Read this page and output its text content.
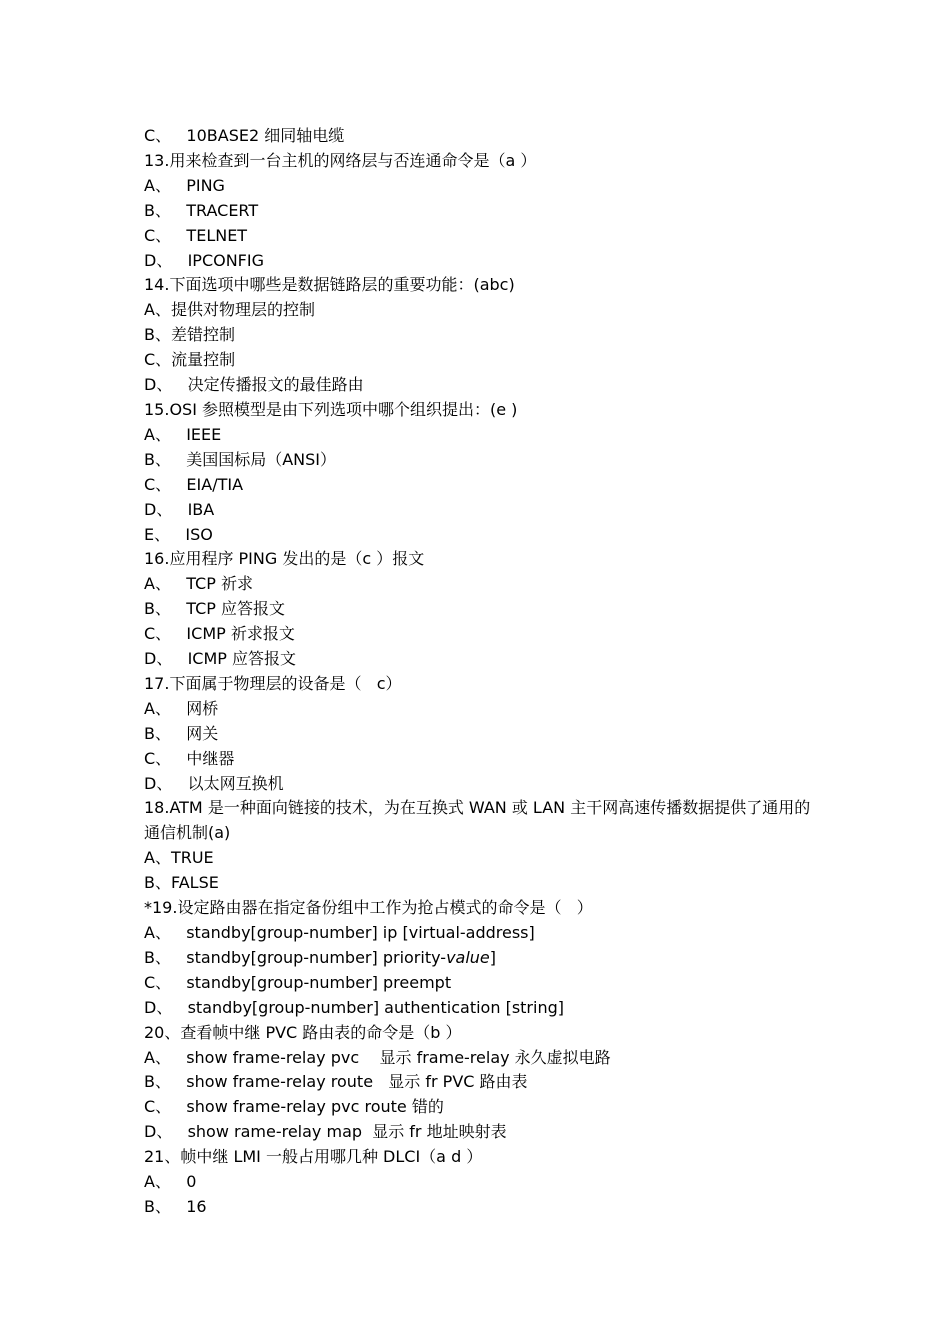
C、   10BASE2 细同轴电缆
13.用来检查到一台主机的网络层与否连通命令是（a ）
A、   PING
B、   TRACERT
C、   TELNET
D、   IPCONFIG
14.下面选项中哪些是数据链路层的重要功能：(abc)
A、提供对物理层的控制
B、差错控制
C、流量控制
D、   决定传播报文的最佳路由
15.OSI 参照模型是由下列选项中哪个组织提出：(e )
A、   IEEE
B、   美国国标局（ANSI）
C、   EIA/TIA
D、   IBA
E、   ISO
16.应用程序 PING 发出的是（c ）报文
A、   TCP 祈求
B、   TCP 应答报文
C、   ICMP 祈求报文
D、   ICMP 应答报文
17.下面属于物理层的设备是（   c）
A、   网桥
B、   网关
C、   中继器
D、   以太网互换机
18.ATM 是一种面向链接的技术，为在互换式 WAN 或 LAN 主干网高速传播数据提供了通用的通信机制(a)
A、TRUE
B、FALSE
*19.设定路由器在指定备份组中工作为抢占模式的命令是（   ）
A、   standby[group-number] ip [virtual-address]
B、   standby[group-number] priority-value]
C、   standby[group-number] preempt
D、   standby[group-number] authentication [string]
20、查看帧中继 PVC 路由表的命令是（b ）
A、   show frame-relay pvc    显示 frame-relay 永久虚拟电路
B、   show frame-relay route   显示 fr PVC 路由表
C、   show frame-relay pvc route 错的
D、   show rame-relay map  显示 fr 地址映射表
21、帧中继 LMI 一般占用哪几种 DLCI（a d ）
A、   0
B、   16
